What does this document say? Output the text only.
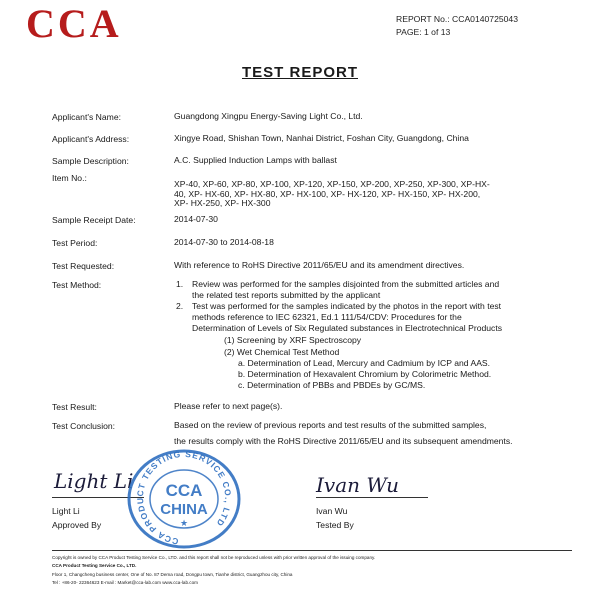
CCA	REPORT No.: CCA0140725043
PAGE: 1 of 13
TEST REPORT
Applicant's Name:	Guangdong Xingpu Energy-Saving Light Co., Ltd.
Applicant's Address:	Xingye Road, Shishan Town, Nanhai District, Foshan City, Guangdong, China
Sample Description:	A.C. Supplied Induction Lamps with ballast
Item No.:
XP-40, XP-60, XP-80, XP-100, XP-120, XP-150, XP-200, XP-250, XP-300, XP-HX-40, XP- HX-60, XP- HX-80, XP- HX-100, XP- HX-120, XP- HX-150, XP- HX-200, XP- HX-250, XP- HX-300
Sample Receipt Date:	2014-07-30
Test Period:	2014-07-30 to 2014-08-18
Test Requested:	With reference to RoHS Directive 2011/65/EU and its amendment directives.
Test Method:	1. Review was performed for the samples disjointed from the submitted articles and
the related test reports submitted by the applicant
2. Test was performed for the samples indicated by the photos in the report with test
methods reference to IEC 62321, Ed.1 111/54/CDV: Procedures for the
Determination of Levels of Six Regulated substances in Electrotechnical Products
(1) Screening by XRF Spectroscopy
(2) Wet Chemical Test Method
a. Determination of Lead, Mercury and Cadmium by ICP and AAS.
b. Determination of Hexavalent Chromium by Colorimetric Method.
c. Determination of PBBs and PBDEs by GC/MS.
Test Result:	Please refer to next page(s).
Test Conclusion:	Based on the review of previous reports and test results of the submitted samples,
the results comply with the RoHS Directive 2011/65/EU and its subsequent amendments.
Light Li
Light Li
Approved By
Ivan Wu
Ivan Wu
Tested By
CCA PRODUCT TESTING SERVICE CO., LTD
CCA
CHINA
★
Copyright is owned by CCA Product Testing Service Co., LTD. and this report shall not be reproduced unless with prior written approval of the issuing company.
CCA Product Testing Service Co., LTD.
Floor 1, Changcheng business center, One of No. 87 Dema road, Dongpu town, Tianhe district, Guangzhou city, China
Tel : +86-20- 22364623 E-mail : Market@cca-lab.com www.cca-lab.com
